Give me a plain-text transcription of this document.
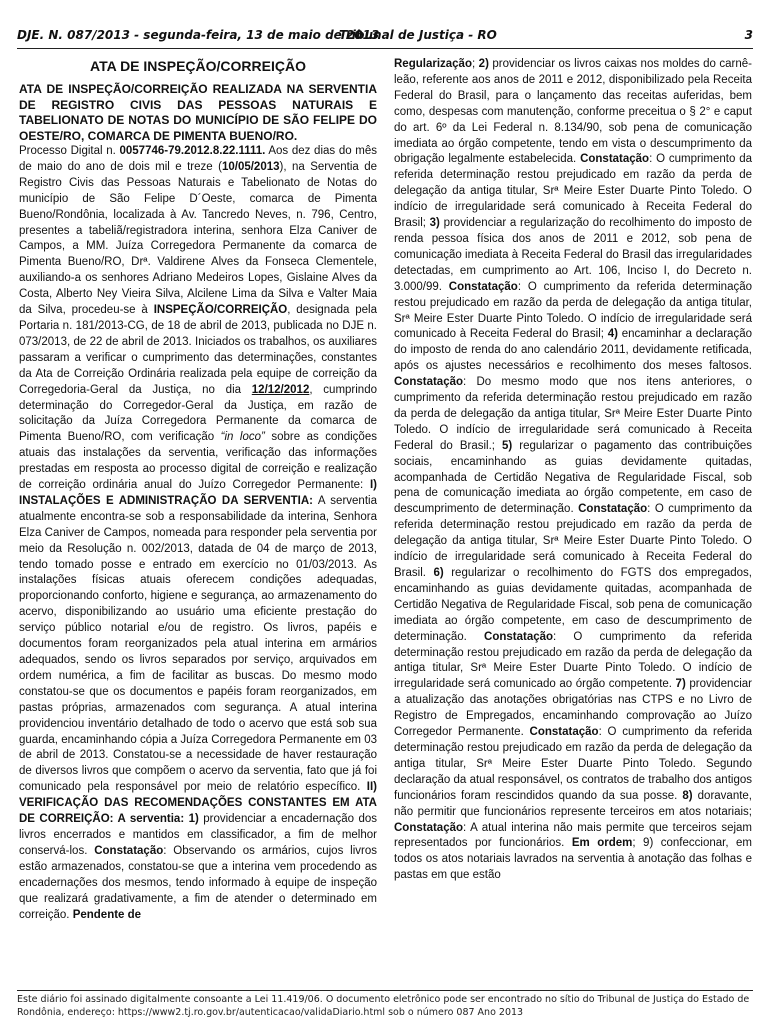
DJE. N. 087/2013 - segunda-feira, 13 de maio de 2013
Tribunal de Justiça - RO	3

ATA DE INSPEÇÃO/CORREIÇÃO

ATA DE INSPEÇÃO/CORREIÇÃO REALIZADA NA SERVENTIA DE REGISTRO CIVIS DAS PESSOAS NATURAIS E TABELIONATO DE NOTAS DO MUNICÍPIO DE SÃO FELIPE DO OESTE/RO, COMARCA DE PIMENTA BUENO/RO.

Processo Digital n. 0057746-79.2012.8.22.1111. Aos dez dias do mês de maio do ano de dois mil e treze (10/05/2013), na Serventia de Registro Civis das Pessoas Naturais e Tabelionato de Notas do município de São Felipe D´Oeste, comarca de Pimenta Bueno/Rondônia, localizada à Av. Tancredo Neves, n. 796, Centro, presentes a tabeliã/registradora interina, senhora Elza Caniver de Campos, a MM. Juíza Corregedora Permanente da comarca de Pimenta Bueno/RO, Drª. Valdirene Alves da Fonseca Clementele, auxiliando-a os senhores Adriano Medeiros Lopes, Gislaine Alves da Costa, Alberto Ney Vieira Silva, Alcilene Lima da Silva e Valter Maia da Silva, procedeu-se à INSPEÇÃO/CORREIÇÃO, designada pela Portaria n. 181/2013-CG, de 18 de abril de 2013, publicada no DJE n. 073/2013, de 22 de abril de 2013. Iniciados os trabalhos, os auxiliares passaram a verificar o cumprimento das determinações, constantes da Ata de Correição Ordinária realizada pela equipe de correição da Corregedoria-Geral da Justiça, no dia 12/12/2012, cumprindo determinação do Corregedor-Geral da Justiça, em razão de solicitação da Juíza Corregedora Permanente da comarca de Pimenta Bueno/RO, com verificação “in loco” sobre as condições atuais das instalações da serventia, verificação das informações prestadas em resposta ao processo digital de correição e realização de correição ordinária anual do Juízo Corregedor Permanente: I) INSTALAÇÕES E ADMINISTRAÇÃO DA SERVENTIA: A serventia atualmente encontra-se sob a responsabilidade da interina, Senhora Elza Caniver de Campos, nomeada para responder pela serventia por meio da Resolução n. 002/2013, datada de 04 de março de 2013, tendo tomado posse e entrado em exercício no 01/03/2013. As instalações físicas atuais oferecem condições adequadas, proporcionando conforto, higiene e segurança, ao armazenamento do acervo, disponibilizando ao usuário uma eficiente prestação do serviço público notarial e/ou de registro. Os livros, papéis e documentos foram reorganizados pela atual interina em armários adequados, sendo os livros separados por serviço, arquivados em ordem numérica, a fim de facilitar as buscas. Do mesmo modo constatou-se que os documentos e papéis foram reorganizados, em pastas próprias, armazenados com segurança. A atual interina providenciou inventário detalhado de todo o acervo que está sob sua guarda, encaminhando cópia a Juíza Corregedora Permanente em 03 de abril de 2013. Constatou-se a necessidade de haver restauração de diversos livros que compõem o acervo da serventia, fato que já foi comunicado pela responsável por meio de relatório específico. II) VERIFICAÇÃO DAS RECOMENDAÇÕES CONSTANTES EM ATA DE CORREIÇÃO: A serventia: 1) providenciar a encadernação dos livros encerrados e mantidos em classificador, a fim de melhor conservá-los. Constatação: Observando os armários, cujos livros estão armazenados, constatou-se que a interina vem procedendo as encadernações dos mesmos, tendo informado à equipe de inspeção que realizará gradativamente, a fim de atender o determinado em correição. Pendente de

Regularização; 2) providenciar os livros caixas nos moldes do carnê-leão, referente aos anos de 2011 e 2012, disponibilizado pela Receita Federal do Brasil, para o lançamento das receitas auferidas, bem como, despesas com manutenção, conforme preceitua o § 2° e caput do art. 6º da Lei Federal n. 8.134/90, sob pena de comunicação imediata ao órgão competente, tendo em vista o descumprimento da obrigação legalmente estabelecida. Constatação: O cumprimento da referida determinação restou prejudicado em razão da perda de delegação da antiga titular, Srª Meire Ester Duarte Pinto Toledo. O indício de irregularidade será comunicado à Receita Federal do Brasil; 3) providenciar a regularização do recolhimento do imposto de renda pessoa física dos anos de 2011 e 2012, sob pena de comunicação imediata à Receita Federal do Brasil das irregularidades detectadas, em cumprimento ao Art. 106, Inciso I, do Decreto n. 3.000/99. Constatação: O cumprimento da referida determinação restou prejudicado em razão da perda de delegação da antiga titular, Srª Meire Ester Duarte Pinto Toledo. O indício de irregularidade será comunicado à Receita Federal do Brasil; 4) encaminhar a declaração do imposto de renda do ano calendário 2011, devidamente retificada, após os ajustes necessários e recolhimento dos meses faltosos. Constatação: Do mesmo modo que nos itens anteriores, o cumprimento da referida determinação restou prejudicado em razão da perda de delegação da antiga titular, Srª Meire Ester Duarte Pinto Toledo. O indício de irregularidade será comunicado à Receita Federal do Brasil.; 5) regularizar o pagamento das contribuições sociais, encaminhando as guias devidamente quitadas, acompanhada de Certidão Negativa de Regularidade Fiscal, sob pena de comunicação imediata ao órgão competente, em caso de descumprimento de determinação. Constatação: O cumprimento da referida determinação restou prejudicado em razão da perda de delegação da antiga titular, Srª Meire Ester Duarte Pinto Toledo. O indício de irregularidade será comunicado à Receita Federal do Brasil. 6) regularizar o recolhimento do FGTS dos empregados, encaminhando as guias devidamente quitadas, acompanhada de Certidão Negativa de Regularidade Fiscal, sob pena de comunicação imediata ao órgão competente, em caso de descumprimento de determinação. Constatação: O cumprimento da referida determinação restou prejudicado em razão da perda de delegação da antiga titular, Srª Meire Ester Duarte Pinto Toledo. O indício de irregularidade será comunicado ao órgão competente. 7) providenciar a atualização das anotações obrigatórias nas CTPS e no Livro de Registro de Empregados, encaminhando comprovação ao Juízo Corregedor Permanente. Constatação: O cumprimento da referida determinação restou prejudicado em razão da perda de delegação da antiga titular, Srª Meire Ester Duarte Pinto Toledo. Segundo declaração da atual responsável, os contratos de trabalho dos antigos funcionários foram rescindidos quando da sua posse. 8) doravante, não permitir que funcionários represente terceiros em atos notariais; Constatação: A atual interina não mais permite que terceiros sejam representados por funcionários. Em ordem; 9) confeccionar, em todos os atos notariais lavrados na serventia à anotação das folhas e pastas em que estão

Este diário foi assinado digitalmente consoante a Lei 11.419/06. O documento eletrônico pode ser encontrado no sítio do Tribunal de Justiça do Estado de Rondônia, endereço: https://www2.tj.ro.gov.br/autenticacao/validaDiario.html sob o número 087 Ano 2013
